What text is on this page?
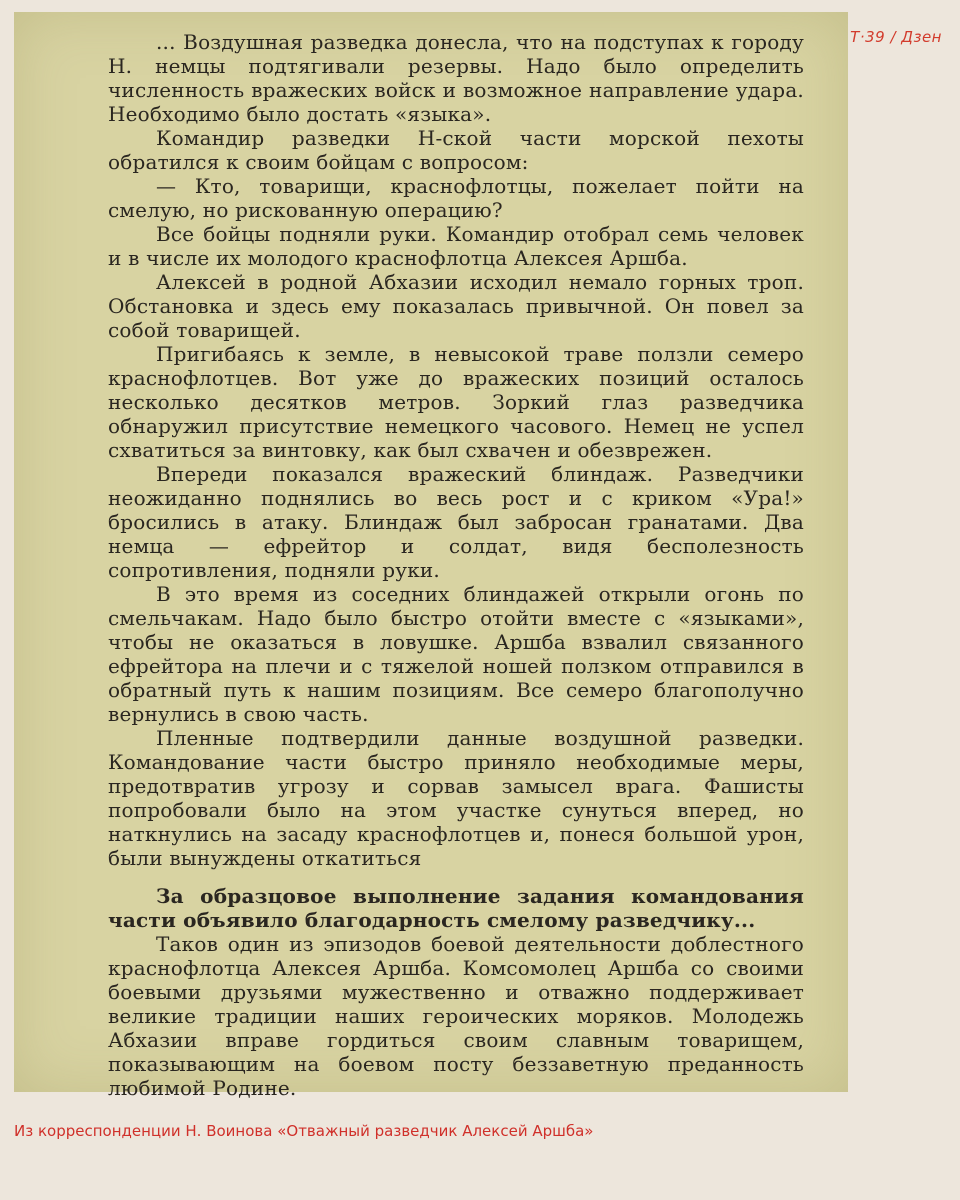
... Воздушная разведка донесла, что на подступах к городу Н. немцы подтягивали резервы. Надо было определить численность вражеских войск и возможное направление удара. Необходимо было достать «языка».

Командир разведки Н-ской части морской пехоты обратился к своим бойцам с вопросом:

— Кто, товарищи, краснофлотцы, пожелает пойти на смелую, но рискованную операцию?

Все бойцы подняли руки. Командир отобрал семь человек и в числе их молодого краснофлотца Алексея Аршба.

Алексей в родной Абхазии исходил немало горных троп. Обстановка и здесь ему показалась привычной. Он повел за собой товарищей.

Пригибаясь к земле, в невысокой траве ползли семеро краснофлотцев. Вот уже до вражеских позиций осталось несколько десятков метров. Зоркий глаз разведчика обнаружил присутствие немецкого часового. Немец не успел схватиться за винтовку, как был схвачен и обезврежен.

Впереди показался вражеский блиндаж. Разведчики неожиданно поднялись во весь рост и с криком «Ура!» бросились в атаку. Блиндаж был забросан гранатами. Два немца — ефрейтор и солдат, видя бесполезность сопротивления, подняли руки.

В это время из соседних блиндажей открыли огонь по смельчакам. Надо было быстро отойти вместе с «языками», чтобы не оказаться в ловушке. Аршба взвалил связанного ефрейтора на плечи и с тяжелой ношей ползком отправился в обратный путь к нашим позициям. Все семеро благополучно вернулись в свою часть.

Пленные подтвердили данные воздушной разведки. Командование части быстро приняло необходимые меры, предотвратив угрозу и сорвав замысел врага. Фашисты попробовали было на этом участке сунуться вперед, но наткнулись на засаду краснофлотцев и, понеся большой урон, были вынуждены откатиться

За образцовое выполнение задания командования части объявило благодарность смелому разведчику...

Таков один из эпизодов боевой деятельности доблестного краснофлотца Алексея Аршба. Комсомолец Аршба со своими боевыми друзьями мужественно и отважно поддерживает великие традиции наших героических моряков. Молодежь Абхазии вправе гордиться своим славным товарищем, показывающим на боевом посту беззаветную преданность любимой Родине.

Т·39 / Дзен
Из корреспонденции Н. Воинова «Отважный разведчик Алексей Аршба»
